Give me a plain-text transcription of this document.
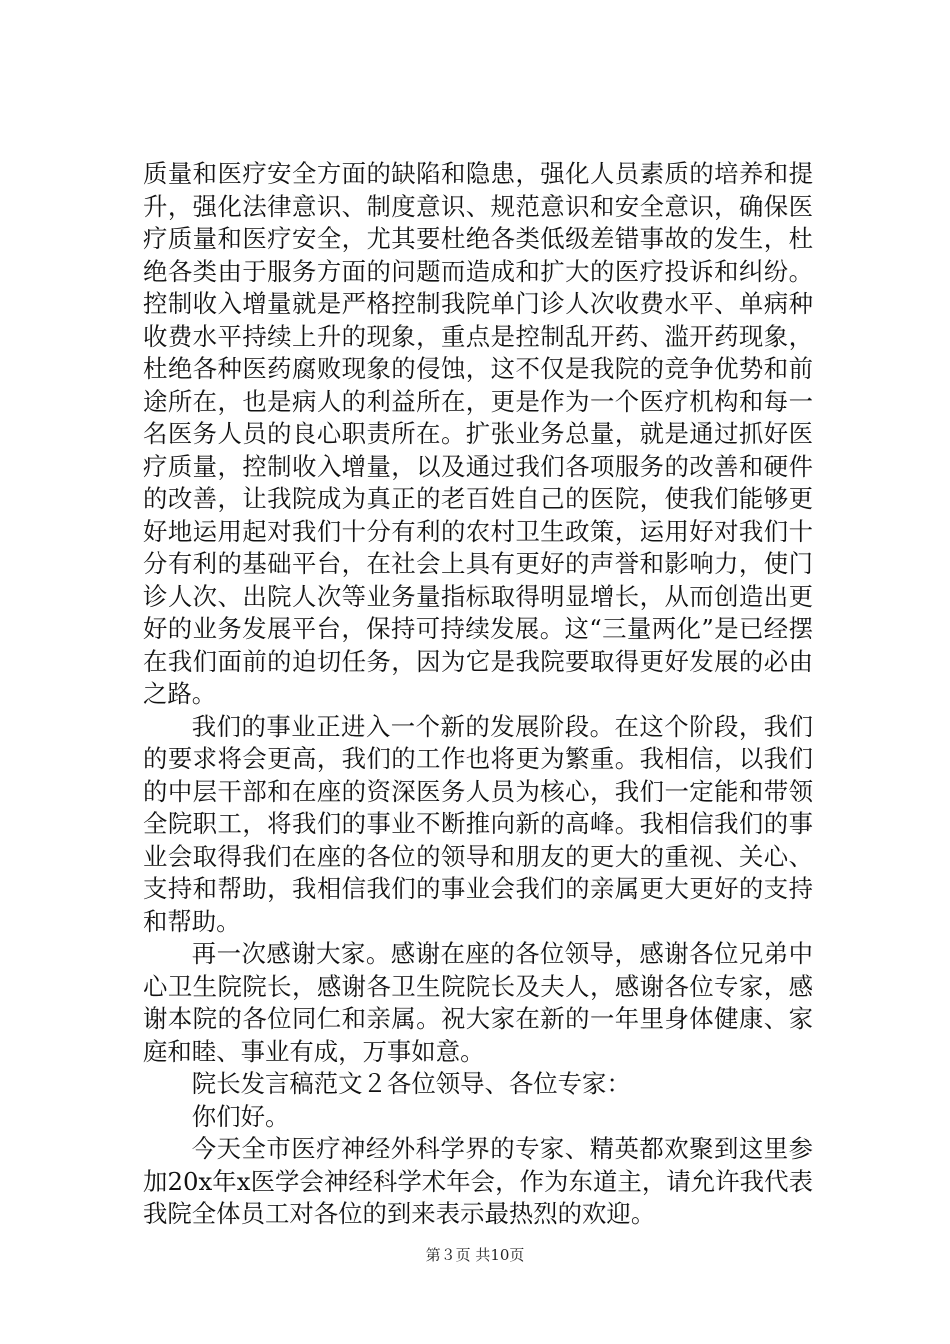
质量和医疗安全方面的缺陷和隐患，强化人员素质的培养和提升，强化法律意识、制度意识、规范意识和安全意识，确保医疗质量和医疗安全，尤其要杜绝各类低级差错事故的发生，杜绝各类由于服务方面的问题而造成和扩大的医疗投诉和纠纷。控制收入增量就是严格控制我院单门诊人次收费水平、单病种收费水平持续上升的现象，重点是控制乱开药、滥开药现象，杜绝各种医药腐败现象的侵蚀，这不仅是我院的竞争优势和前途所在，也是病人的利益所在，更是作为一个医疗机构和每一名医务人员的良心职责所在。扩张业务总量，就是通过抓好医疗质量，控制收入增量，以及通过我们各项服务的改善和硬件的改善，让我院成为真正的老百姓自己的医院，使我们能够更好地运用起对我们十分有利的农村卫生政策，运用好对我们十分有利的基础平台，在社会上具有更好的声誉和影响力，使门诊人次、出院人次等业务量指标取得明显增长，从而创造出更好的业务发展平台，保持可持续发展。这“三量两化”是已经摆在我们面前的迫切任务，因为它是我院要取得更好发展的必由之路。

我们的事业正进入一个新的发展阶段。在这个阶段，我们的要求将会更高，我们的工作也将更为繁重。我相信，以我们的中层干部和在座的资深医务人员为核心，我们一定能和带领全院职工，将我们的事业不断推向新的高峰。我相信我们的事业会取得我们在座的各位的领导和朋友的更大的重视、关心、支持和帮助，我相信我们的事业会我们的亲属更大更好的支持和帮助。

再一次感谢大家。感谢在座的各位领导，感谢各位兄弟中心卫生院院长，感谢各卫生院院长及夫人，感谢各位专家，感谢本院的各位同仁和亲属。祝大家在新的一年里身体健康、家庭和睦、事业有成，万事如意。

院长发言稿范文２各位领导、各位专家：

你们好。

今天全市医疗神经外科学界的专家、精英都欢聚到这里参加20x年x医学会神经科学术年会，作为东道主，请允许我代表我院全体员工对各位的到来表示最热烈的欢迎。

第３页 共10页
